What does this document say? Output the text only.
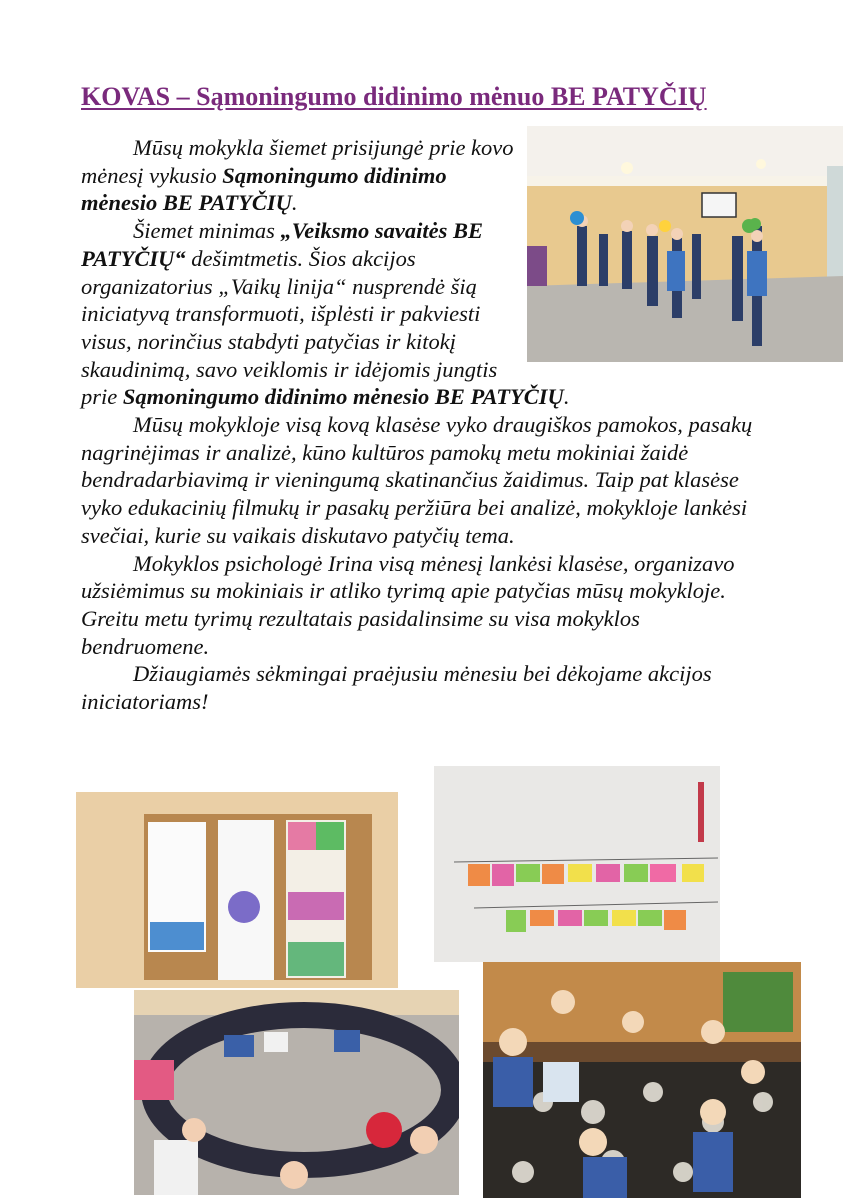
KOVAS – Sąmoningumo didinimo mėnuo BE PATYČIŲ

Mūsų mokykla šiemet prisijungė prie kovo mėnesį vykusio Sąmoningumo didinimo mėnesio BE PATYČIŲ.

Šiemet minimas „Veiksmo savaitės BE PATYČIŲ“ dešimtmetis. Šios akcijos organizatorius „Vaikų linija“ nusprendė šią iniciatyvą transformuoti, išplėsti ir pakviesti visus, norinčius stabdyti patyčias ir kitokį skaudinimą, savo veiklomis ir idėjomis jungtis prie Sąmoningumo didinimo mėnesio BE PATYČIŲ.

Mūsų mokykloje visą kovą klasėse vyko draugiškos pamokos, pasakų nagrinėjimas ir analizė, kūno kultūros pamokų metu mokiniai žaidė bendradarbiavimą ir vieningumą skatinančius žaidimus. Taip pat klasėse vyko edukacinių filmukų ir pasakų peržiūra bei analizė, mokykloje lankėsi svečiai, kurie su vaikais diskutavo patyčių tema.

Mokyklos psichologė Irina visą mėnesį lankėsi klasėse, organizavo užsiėmimus su mokiniais ir atliko tyrimą apie patyčias mūsų mokykloje. Greitu metu tyrimų rezultatais pasidalinsime su visa mokyklos bendruomene.

Džiaugiamės sėkmingai praėjusiu mėnesiu bei dėkojame akcijos iniciatoriams!
